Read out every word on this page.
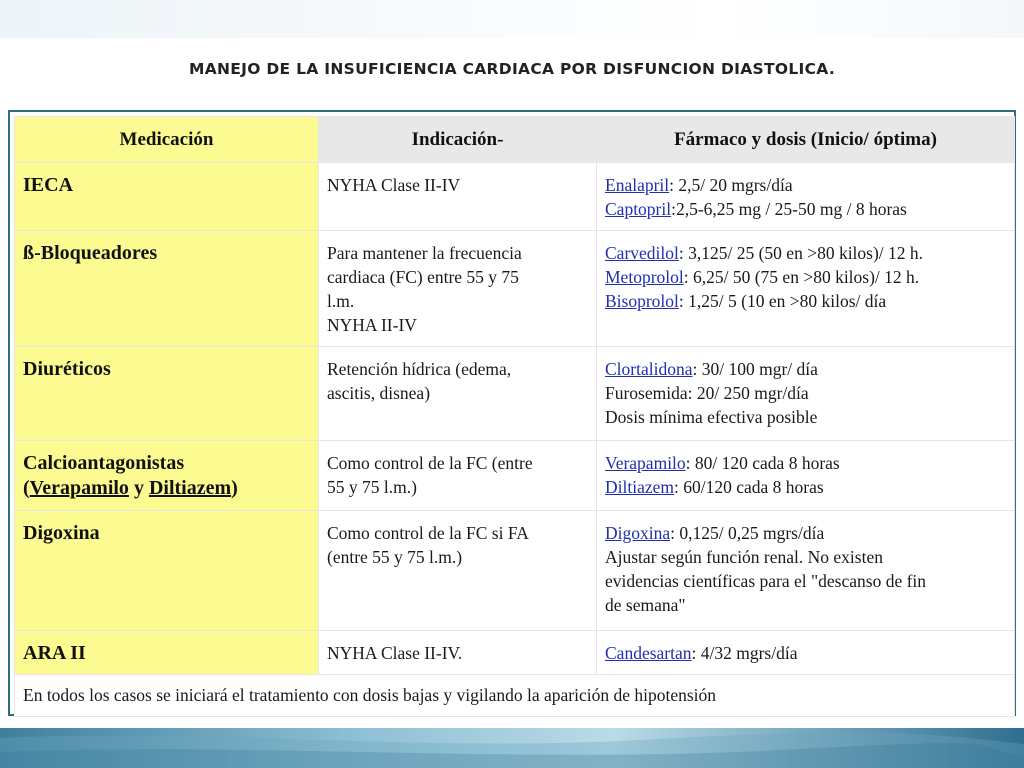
MANEJO DE LA INSUFICIENCIA CARDIACA POR DISFUNCION DIASTOLICA.
Medicación	Indicación-	Fármaco y dosis (Inicio/ óptima)
IECA	NYHA Clase II-IV	Enalapril: 2,5/ 20 mgrs/día
Captopril:2,5-6,25 mg / 25-50 mg / 8 horas

ß-Bloqueadores	Para mantener la frecuencia
cardiaca (FC) entre 55 y 75
l.m.
NYHA II-IV	Carvedilol: 3,125/ 25 (50 en >80 kilos)/ 12 h.
Metoprolol: 6,25/ 50 (75 en >80 kilos)/ 12 h.
Bisoprolol: 1,25/ 5 (10 en >80 kilos/ día

Diuréticos	Retención hídrica (edema,
ascitis, disnea)	Clortalidona: 30/ 100 mgr/ día
Furosemida: 20/ 250 mgr/día
Dosis mínima efectiva posible

Calcioantagonistas
(Verapamilo y Diltiazem)	Como control de la FC (entre
55 y 75 l.m.)	Verapamilo: 80/ 120 cada 8 horas
Diltiazem: 60/120 cada 8 horas

Digoxina	Como control de la FC si FA
(entre 55 y 75 l.m.)	Digoxina: 0,125/ 0,25 mgrs/día
Ajustar según función renal. No existen
evidencias científicas para el "descanso de fin
de semana"

ARA II	NYHA Clase II-IV.	Candesartan: 4/32 mgrs/día

En todos los casos se iniciará el tratamiento con dosis bajas y vigilando la aparición de hipotensión		
